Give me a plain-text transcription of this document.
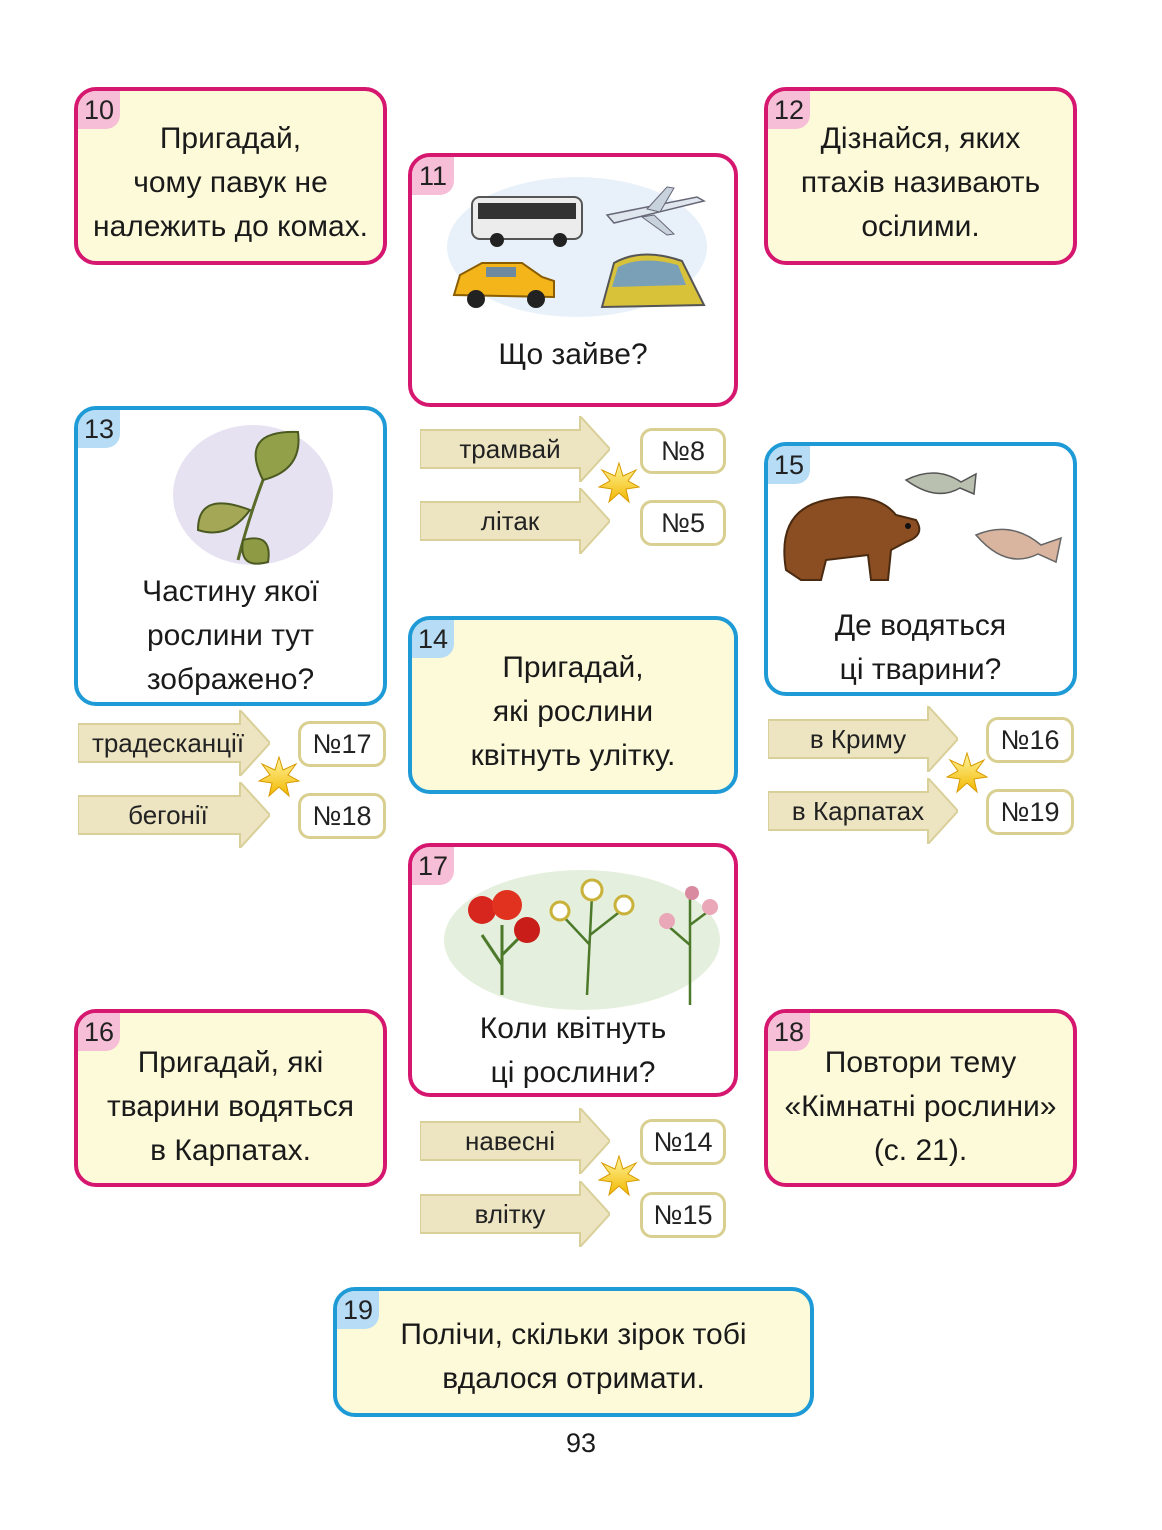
10
Пригадай,
чому павук не
належить до комах.
11
Що зайве?
12
Дізнайся, яких
птахів називають
осілими.
13
Частину якої
рослини тут
зображено?
14
Пригадай,
які рослини
квітнуть улітку.
15
Де водяться
ці тварини?
16
Пригадай, які
тварини водяться
в Карпатах.
17
Коли квітнуть
ці рослини?
18
Повтори тему
«Кімнатні рослини»
(с. 21).
19
Полічи, скільки зірок тобі
вдалося отримати.
трамвай	№8
літак	№5
традесканції	№17
бегонії	№18
в Криму	№16
в Карпатах	№19
навесні	№14
влітку	№15
93
